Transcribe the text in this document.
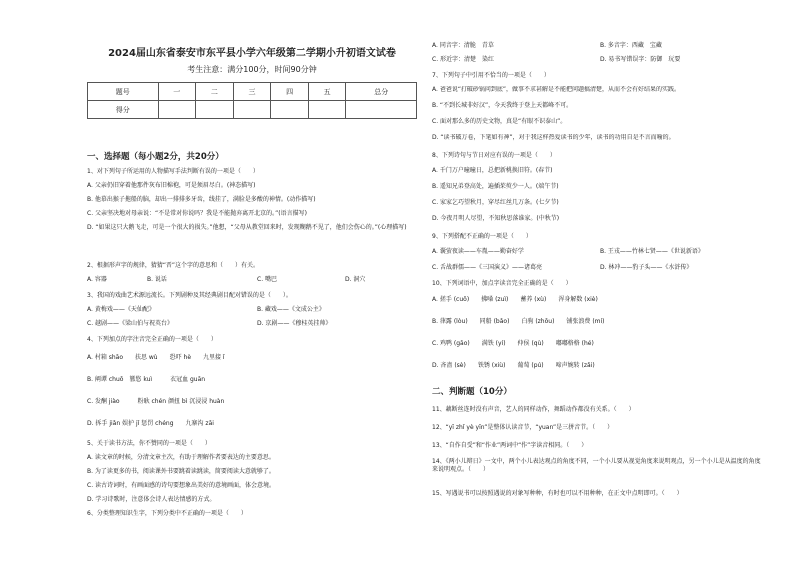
2024届山东省泰安市东平县小学六年级第二学期小升初语文试卷
考生注意：满分100分，时间90分钟
题号	一	二	三	四	五	总分
得分						
一、选择题（每小题2分，共20分）
1、对下列句子所运用的人物描写手法判断有误的一项是（　　）
A. 父亲仍旧穿着他那件灰布旧棉袍，可是须眉尽白。(神态描写)
B. 他慕出猴子拖船的脑，却出一排排多牙齿，线挂了，满脸是多酸的神情。(动作描写)
C. 父亲坚决地对母亲说：“不是常对你说吗？我是不能抛弃离开北京的。”(语言描写)
D. “如果这只大鹅飞走，可是一个很大的损失。”他想，“父母从教堂回来时，发现糊鹅不见了，他们会伤心的。”(心理描写)
2、根据形声字的规律，猜猜“晋”这个字的意思和（　　）有关。
A. 容器	B. 说话	C. 嘴巴	D. 洞穴
3、我国的戏曲艺术源远流长。下列剧种及其经典剧目配对错误的是（　　）。
A. 黄梅戏——《天仙配》	B. 藏戏——《文成公主》
C. 越剧——《梁山伯与祝英台》	D. 京剧——《穆桂英挂帅》
4、下列加点的字注音完全正确的一项是（　　）
A. 村箱 shāo　　扶思 wù　　恐吓 hè　　九里接 ǐ
B. 阐谭 chuō　篡悠 kuì　　　衣冠血 guān
C. 发酮 jiào　　　粉耿 chén 颜扭 bì 沉浸浸 huàn
D. 拆手 jiǎn 娱护 jǐ 惩罚 chéng　　九寨沟 zāi
5、关于读书方法，你不赞同的一项是（　　）
A. 读文章的时候，分清文章主次，有助于理解作者要表达的主要意思。
B. 为了读更多的书，阅读课外书要跳着读跳读，简要阅读大意就够了。
C. 读古诗词时，有画面感的诗句要想象出美好的意境画面，体会意境。
D. 学习诗歌时，注意体会诗人表达情感的方式。
6、分类整理知识生字，下列分类中不正确的一项是（　　）
A. 同音字：清脆　青草	B. 多音字：西藏　宝藏
C. 形近字：清楚　染红	D. 易书写错误字：防御　玩要
7、下列句子中引用不恰当的一项是（　　）
A. 爸爸说“打破砂锅问到底”，做事不求甚解是不能把问题搞清楚，从而不会有好结果的实践。
B. “不到长城非好汉”，今天我终于登上天都峰不可。
C. 面对那么多的历史文物，真是“有眼不识泰山”。
D. “读书破万卷，下笔如有神”，对于我这样热爱读书的少年，读书的功用自是不言而喻的。
8、下列诗句与节日对应有误的一项是（　　）
A. 千门万户曈曈日，总把新桃换旧符。(春节)
B. 遥知兄弟登高处，遍插茱萸少一人。(端午节)
C. 家家乞巧望秋月，穿尽红丝几万条。(七夕节)
D. 今夜月明人尽望，不知秋思落谁家。(中秋节)
9、下列搭配不正确的一项是（　　）
A. 囊萤夜读——车胤——勤奋好学	B. 王戎——竹林七贤——《世说新语》
C. 舌战群儒——《三国演义》——诸葛亮	D. 林冲——豹子头——《水浒传》
10、下列词语中，加点字读音完全正确的是（　　）
A. 搓手 (cuō)　　拂嗓 (zuì)　　蓄养 (xù)　　浑身解数 (xiè)
B. 葎露 (lòu)　　同船 (bǎo)　　白驹 (zhōu)　　铺张浪费 (mí)
C. 鸡鸭 (gāo)　　满铁 (yí)　　仲侯 (qù)　　嘟嘟格格 (hé)
D. 吝啬 (sè)　　铁锈 (xiù)　　葡萄 (pú)　　啼声婉转 (zǎi)
二、判断题（10分）
11、藕断丝连时没有声音，艺人的同样动作，舞蹈动作都没有关系。（　　）
12、“yī zhǐ yè yīn”是整体认读音节，“yuan”是三拼音节。（　　）
13、“自作自受”和“作业”两词中“作”字读音相同。（　　）
14、《两小儿辩日》一文中，两个小儿表达观点的角度不同，一个小儿要从视觉角度来说明观点，另一个小儿是从温度的角度来说明观点。（　　）
15、写遇说书可以按照遇说的对象写种种，有时也可以不用种种，在正文中点明即可。（　　）
